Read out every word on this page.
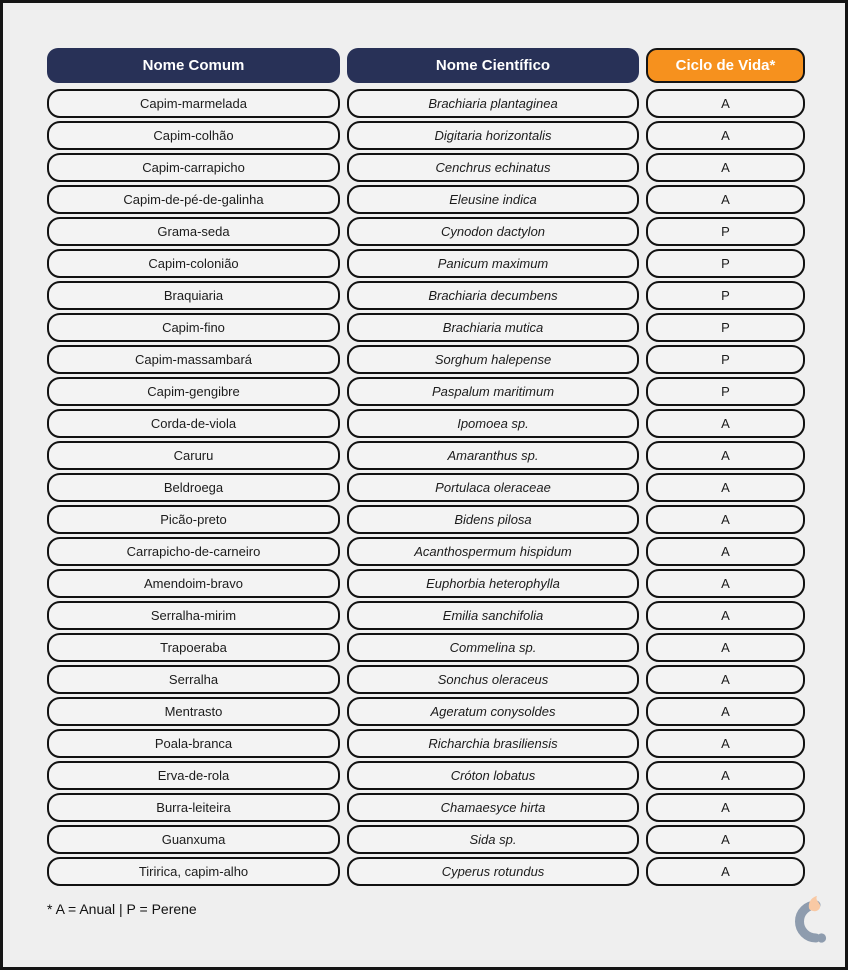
Nome Comum	Nome Científico	Ciclo de Vida*
Capim-marmelada	Brachiaria plantaginea	A
Capim-colhão	Digitaria horizontalis	A
Capim-carrapicho	Cenchrus echinatus	A
Capim-de-pé-de-galinha	Eleusine indica	A
Grama-seda	Cynodon dactylon	P
Capim-colonião	Panicum maximum	P
Braquiaria	Brachiaria decumbens	P
Capim-fino	Brachiaria mutica	P
Capim-massambará	Sorghum halepense	P
Capim-gengibre	Paspalum maritimum	P
Corda-de-viola	Ipomoea sp.	A
Caruru	Amaranthus sp.	A
Beldroega	Portulaca oleraceae	A
Picão-preto	Bidens pilosa	A
Carrapicho-de-carneiro	Acanthospermum hispidum	A
Amendoim-bravo	Euphorbia heterophylla	A
Serralha-mirim	Emilia sanchifolia	A
Trapoeraba	Commelina sp.	A
Serralha	Sonchus oleraceus	A
Mentrasto	Ageratum conysoldes	A
Poala-branca	Richarchia brasiliensis	A
Erva-de-rola	Cróton lobatus	A
Burra-leiteira	Chamaesyce hirta	A
Guanxuma	Sida sp.	A
Tiririca, capim-alho	Cyperus rotundus	A
* A = Anual | P = Perene
